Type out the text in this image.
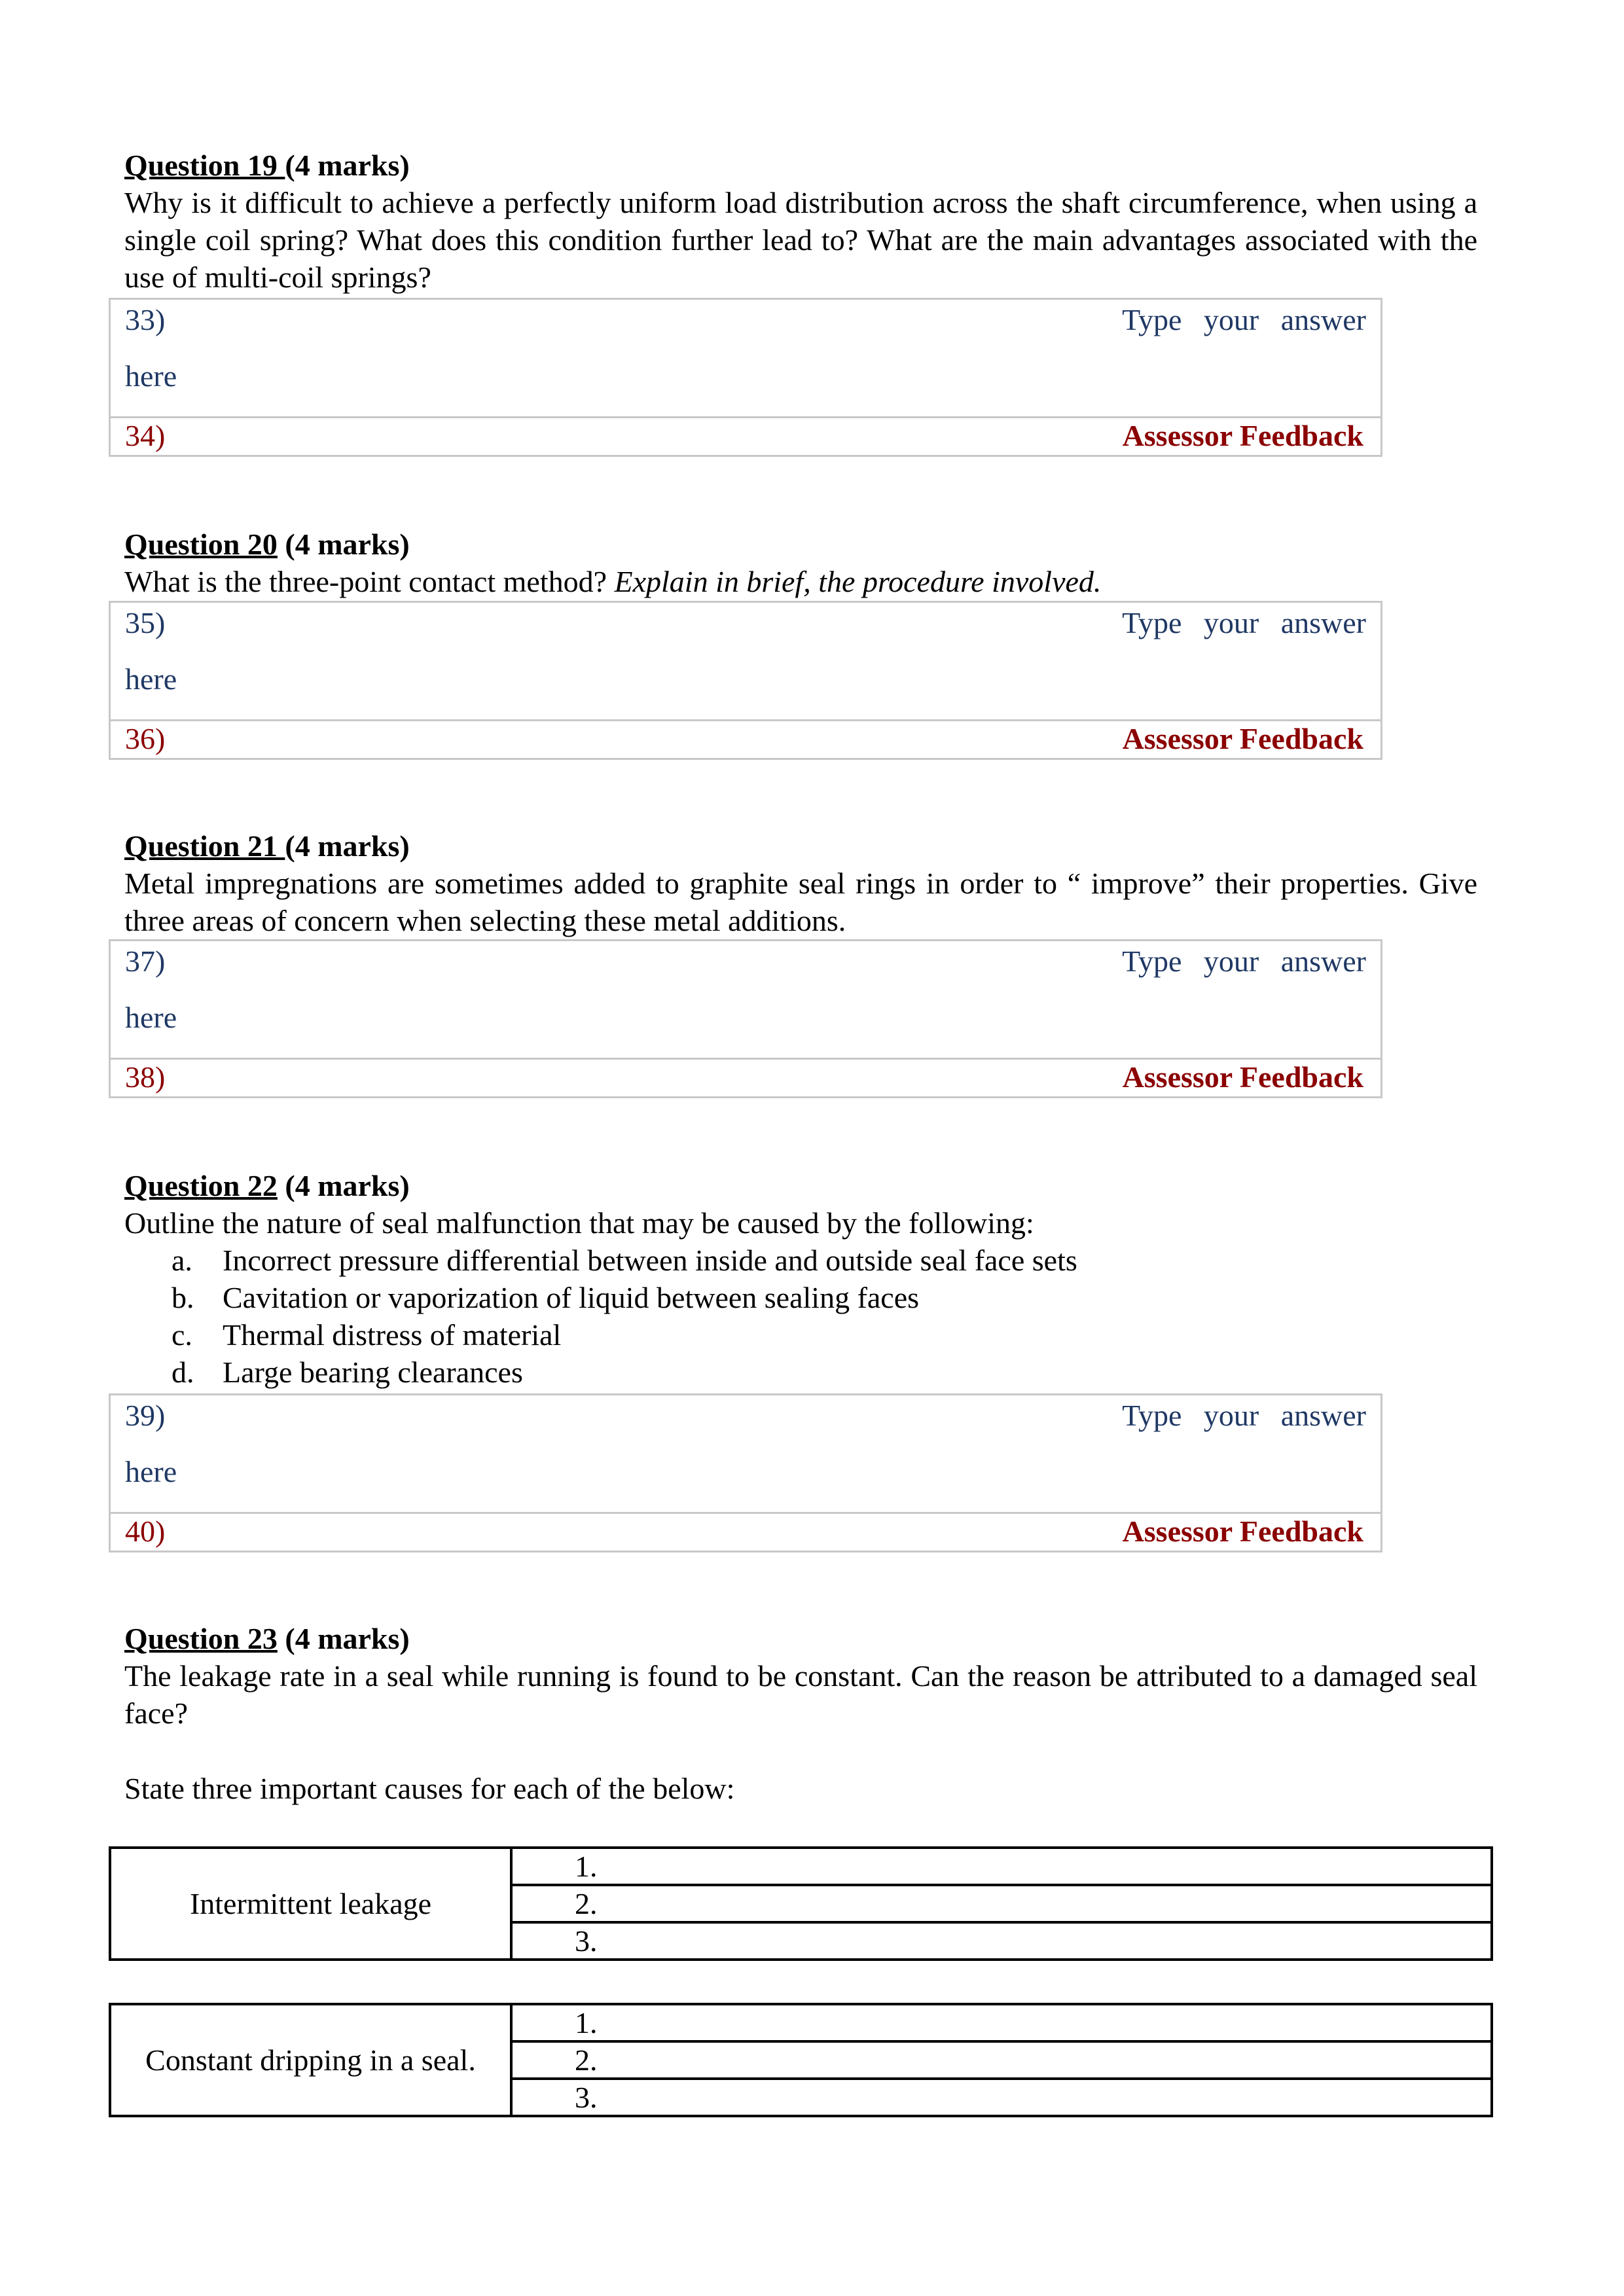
Question 19 (4 marks)
Why is it difficult to achieve a perfectly uniform load distribution across the shaft circumference, when using a single coil spring? What does this condition further lead to? What are the main advantages associated with the use of multi-coil springs?
33)	Type your answer
here
34)	Assessor Feedback
Question 20 (4 marks)
What is the three-point contact method? Explain in brief, the procedure involved.
35)	Type your answer
here
36)	Assessor Feedback
Question 21 (4 marks)
Metal impregnations are sometimes added to graphite seal rings in order to “ improve” their properties. Give three areas of concern when selecting these metal additions.
37)	Type your answer
here
38)	Assessor Feedback
Question 22 (4 marks)
Outline the nature of seal malfunction that may be caused by the following:
a. Incorrect pressure differential between inside and outside seal face sets
b. Cavitation or vaporization of liquid between sealing faces
c. Thermal distress of material
d. Large bearing clearances
39)	Type your answer
here
40)	Assessor Feedback
Question 23 (4 marks)
The leakage rate in a seal while running is found to be constant. Can the reason be attributed to a damaged seal face?
State three important causes for each of the below:
Intermittent leakage	1.
2.
3.
Constant dripping in a seal.	1.
2.
3.
